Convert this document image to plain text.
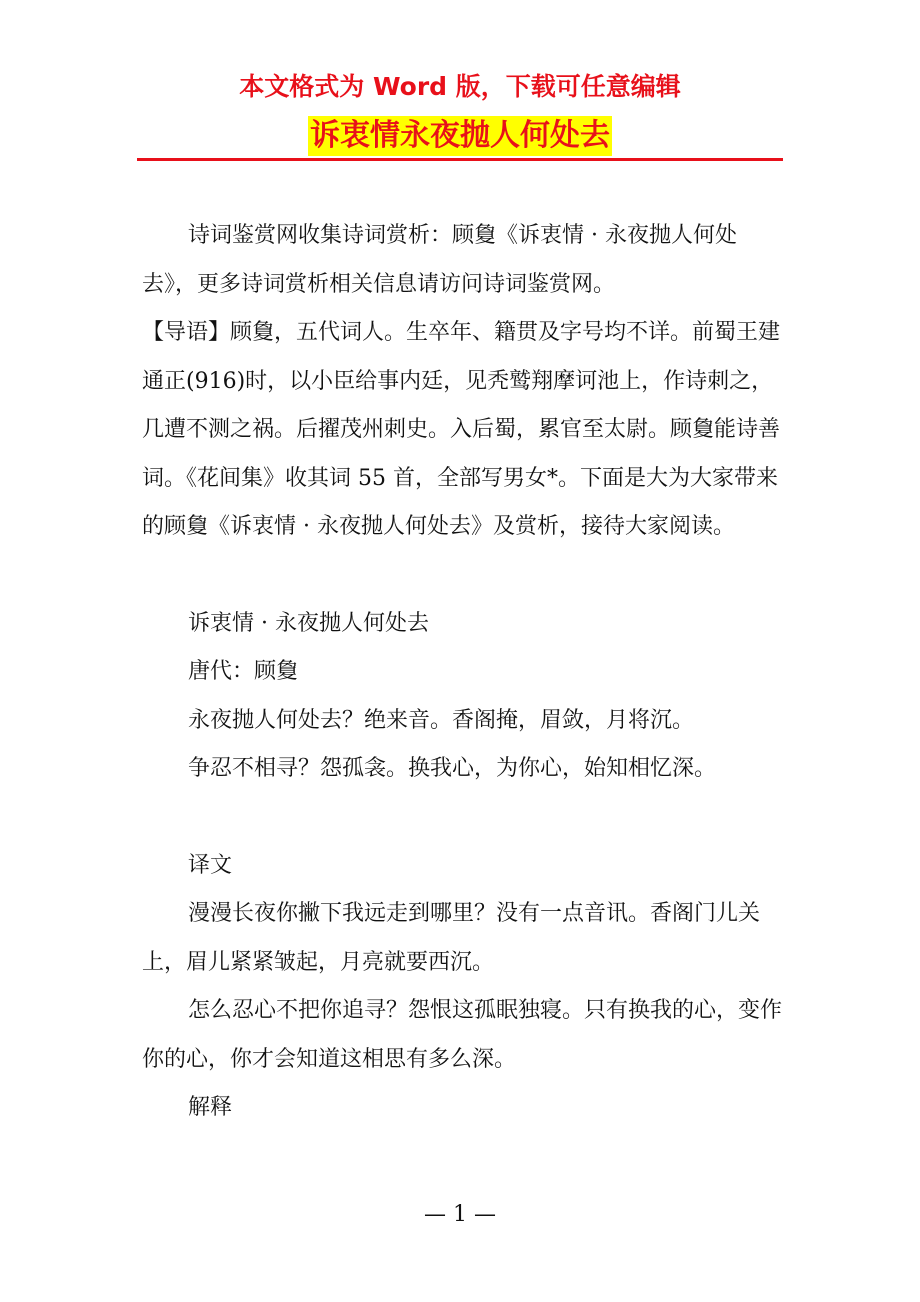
本文格式为 Word 版，下载可任意编辑
诉衷情永夜抛人何处去

诗词鉴赏网收集诗词赏析：顾敻《诉衷情 · 永夜抛人何处去》，更多诗词赏析相关信息请访问诗词鉴赏网。

【导语】顾敻，五代词人。生卒年、籍贯及字号均不详。前蜀王建通正(916)时，以小臣给事内廷，见秃鹫翔摩诃池上，作诗刺之，几遭不测之祸。后擢茂州刺史。入后蜀，累官至太尉。顾敻能诗善词。《花间集》收其词 55 首，全部写男女*。下面是大为大家带来的顾敻《诉衷情 · 永夜抛人何处去》及赏析，接待大家阅读。

诉衷情 · 永夜抛人何处去

唐代：顾敻

永夜抛人何处去？绝来音。香阁掩，眉敛，月将沉。

争忍不相寻？怨孤衾。换我心，为你心，始知相忆深。

译文

漫漫长夜你撇下我远走到哪里？没有一点音讯。香阁门儿关上，眉儿紧紧皱起，月亮就要西沉。

怎么忍心不把你追寻？怨恨这孤眠独寝。只有换我的心，变作你的心，你才会知道这相思有多么深。

解释

— 1 —
